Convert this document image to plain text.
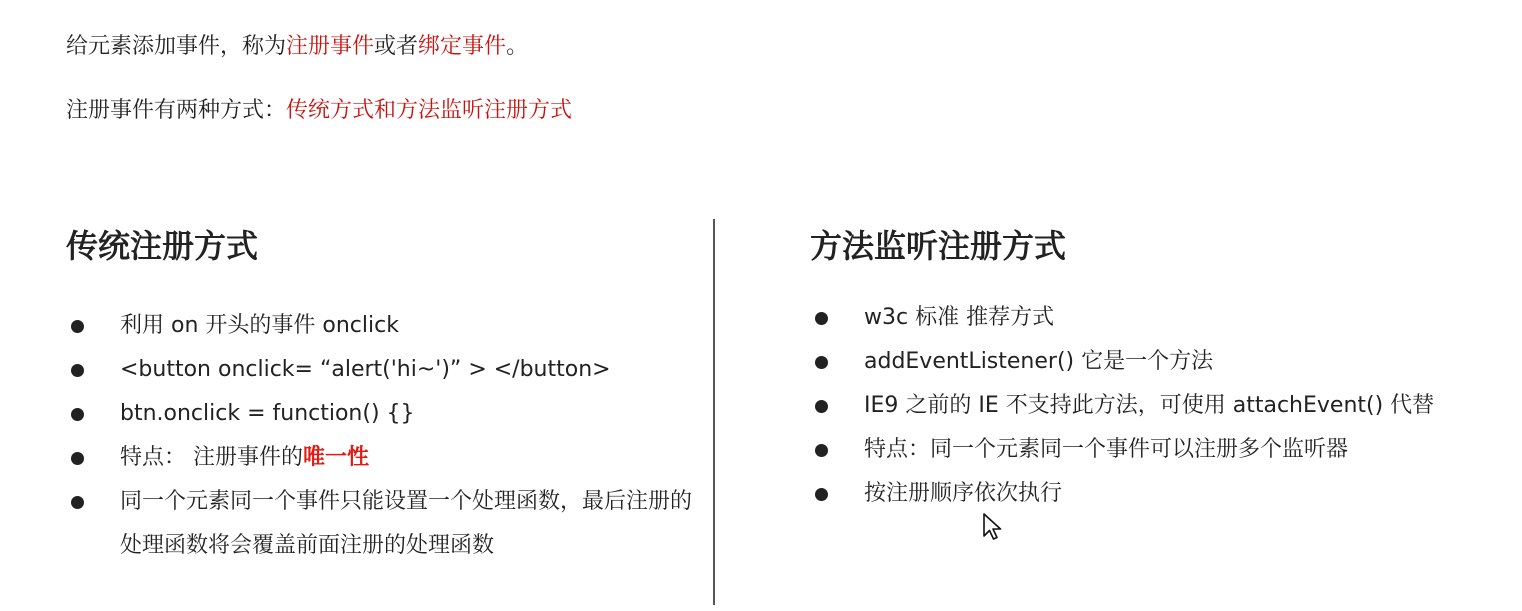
给元素添加事件，称为注册事件或者绑定事件。
注册事件有两种方式：传统方式和方法监听注册方式
传统注册方式	方法监听注册方式
利用 on 开头的事件 onclick
<button onclick= “alert('hi~')” > </button>
btn.onclick = function() {}
特点： 注册事件的唯一性
同一个元素同一个事件只能设置一个处理函数，最后注册的处理函数将会覆盖前面注册的处理函数
w3c 标准 推荐方式
addEventListener() 它是一个方法
IE9 之前的 IE 不支持此方法，可使用 attachEvent() 代替
特点：同一个元素同一个事件可以注册多个监听器
按注册顺序依次执行
